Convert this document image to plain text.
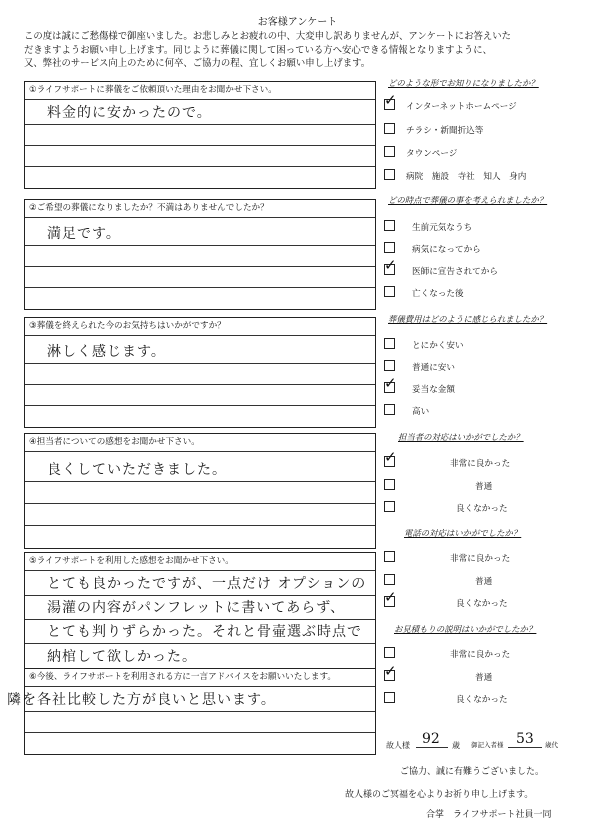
お客様アンケート
この度は誠にご愁傷様で御座いました。お悲しみとお疲れの中、大変申し訳ありませんが、アンケートにお答えいた
だきますようお願い申し上げます。同じように葬儀に関して困っている方へ安心できる情報となりますように、
又、弊社のサービス向上のために何卒、ご協力の程、宜しくお願い申し上げます。
①ライフサポートに葬儀をご依頼頂いた理由をお聞かせ下さい。
料金的に安かったので。
②ご希望の葬儀になりましたか？不満はありませんでしたか？
満足です。
③葬儀を終えられた今のお気持ちはいかがですか？
淋しく感じます。
④担当者についての感想をお聞かせ下さい。
良くしていただきました。
⑤ライフサポートを利用した感想をお聞かせ下さい。
とても良かったですが、一点だけ オプションの
湯灌の内容がパンフレットに書いてあらず、
とても判りずらかった。それと骨壷選ぶ時点で
納棺して欲しかった。
⑥今後、ライフサポートを利用される方に一言アドバイスをお願いいたします。
隣を各社比較した方が良いと思います。
どのような形でお知りになりましたか？
✓ インターネットホームページ
チラシ・新聞折込等
タウンページ
病院　施設　寺社　知人　身内
どの時点で葬儀の事を考えられましたか？
生前元気なうち
病気になってから
✓ 医師に宣告されてから
亡くなった後
葬儀費用はどのように感じられましたか？
とにかく安い
普通に安い
✓ 妥当な金額
高い
担当者の対応はいかがでしたか？
✓	非常に良かった
普通
良くなかった
電話の対応はいかがでしたか？
非常に良かった
普通
✓	良くなかった
お見積もりの説明はいかがでしたか？
非常に良かった
✓	普通
良くなかった
故人様 92 歳 御記入者様 53 歳代
ご協力、誠に有難うございました。
故人様のご冥福を心よりお祈り申し上げます。
合掌　ライフサポート社員一同
